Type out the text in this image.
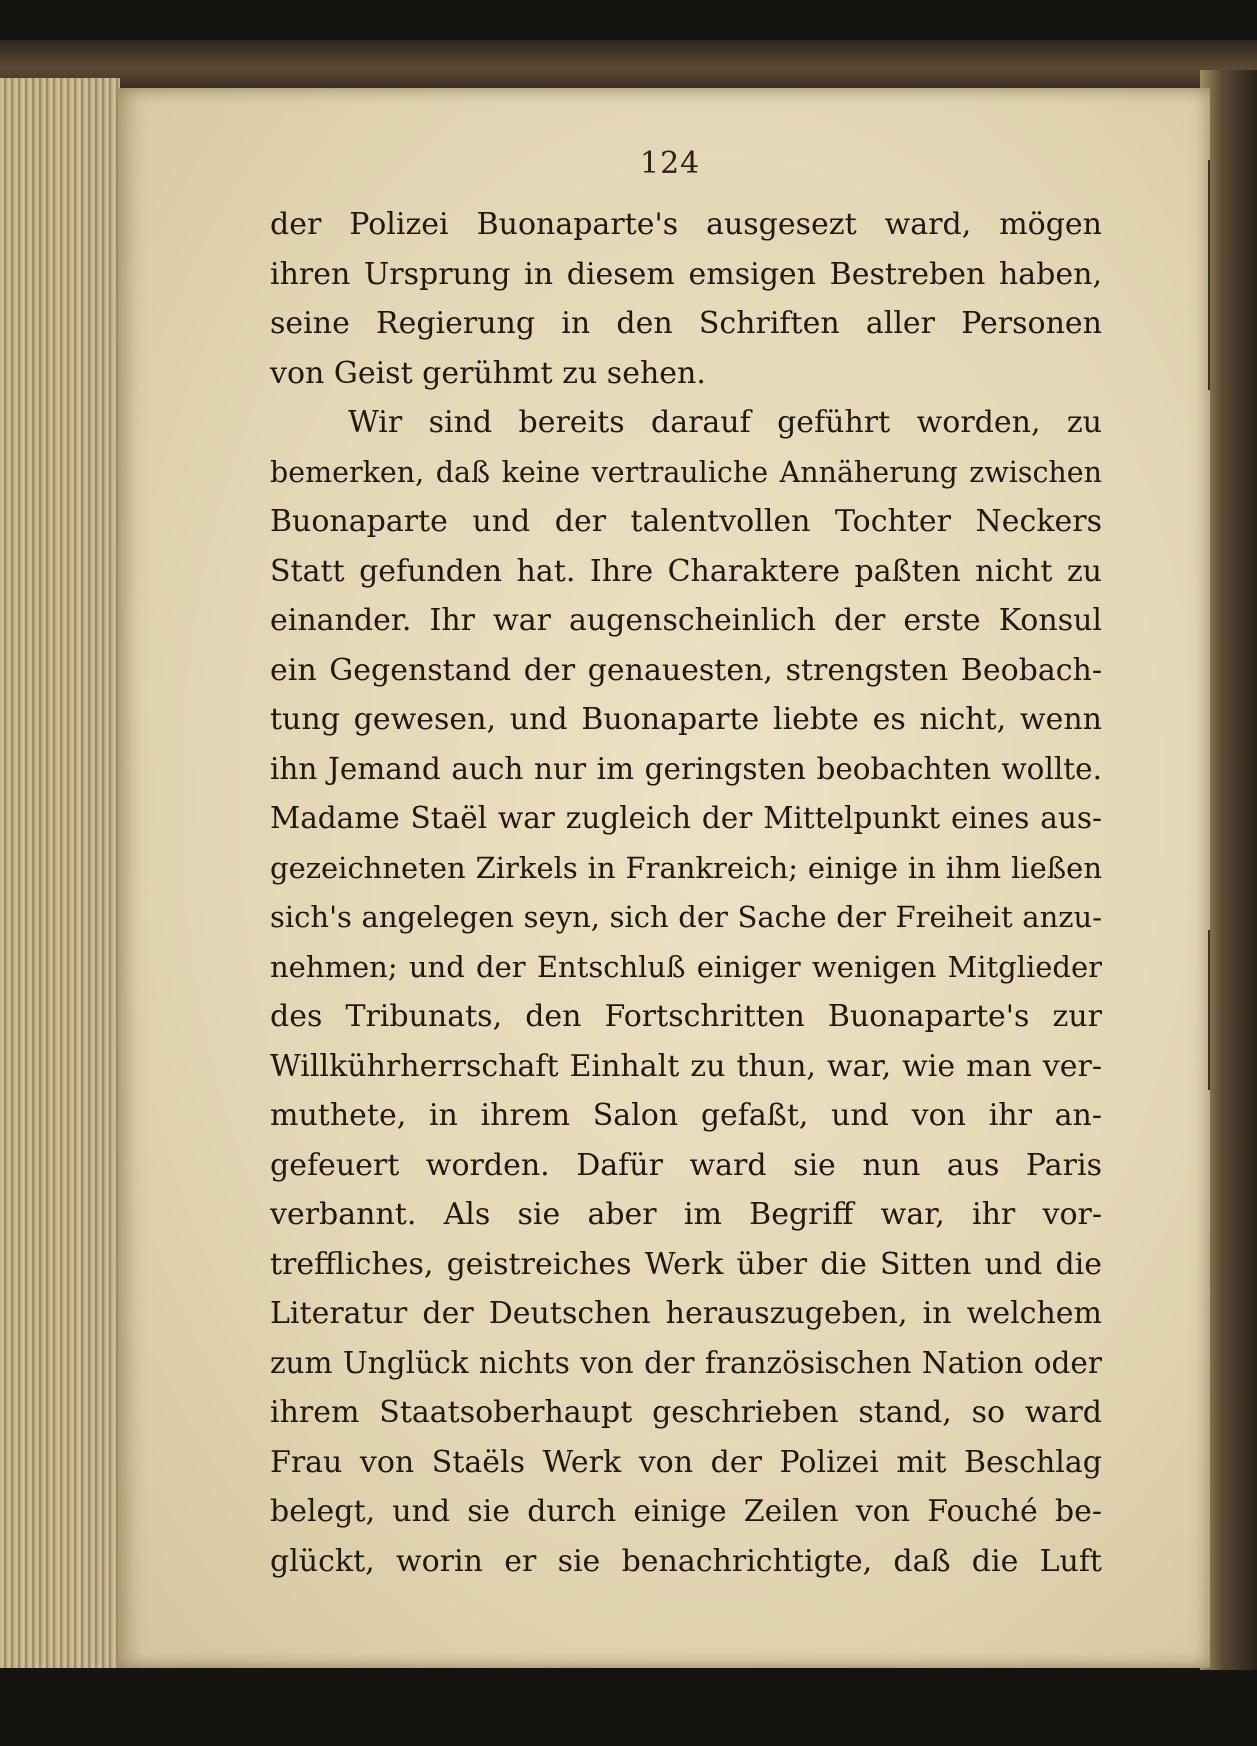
124
der Polizei Buonaparte's ausgesezt ward, mögen
ihren Ursprung in diesem emsigen Bestreben haben,
seine Regierung in den Schriften aller Personen
von Geist gerühmt zu sehen.
Wir sind bereits darauf geführt worden, zu
bemerken, daß keine vertrauliche Annäherung zwischen
Buonaparte und der talentvollen Tochter Neckers
Statt gefunden hat. Ihre Charaktere paßten nicht zu
einander. Ihr war augenscheinlich der erste Konsul
ein Gegenstand der genauesten, strengsten Beobach-
tung gewesen, und Buonaparte liebte es nicht, wenn
ihn Jemand auch nur im geringsten beobachten wollte.
Madame Staël war zugleich der Mittelpunkt eines aus-
gezeichneten Zirkels in Frankreich; einige in ihm ließen
sich's angelegen seyn, sich der Sache der Freiheit anzu-
nehmen; und der Entschluß einiger wenigen Mitglieder
des Tribunats, den Fortschritten Buonaparte's zur
Willkührherrschaft Einhalt zu thun, war, wie man ver-
muthete, in ihrem Salon gefaßt, und von ihr an-
gefeuert worden. Dafür ward sie nun aus Paris
verbannt. Als sie aber im Begriff war, ihr vor-
treffliches, geistreiches Werk über die Sitten und die
Literatur der Deutschen herauszugeben, in welchem
zum Unglück nichts von der französischen Nation oder
ihrem Staatsoberhaupt geschrieben stand, so ward
Frau von Staëls Werk von der Polizei mit Beschlag
belegt, und sie durch einige Zeilen von Fouché be-
glückt, worin er sie benachrichtigte, daß die Luft
